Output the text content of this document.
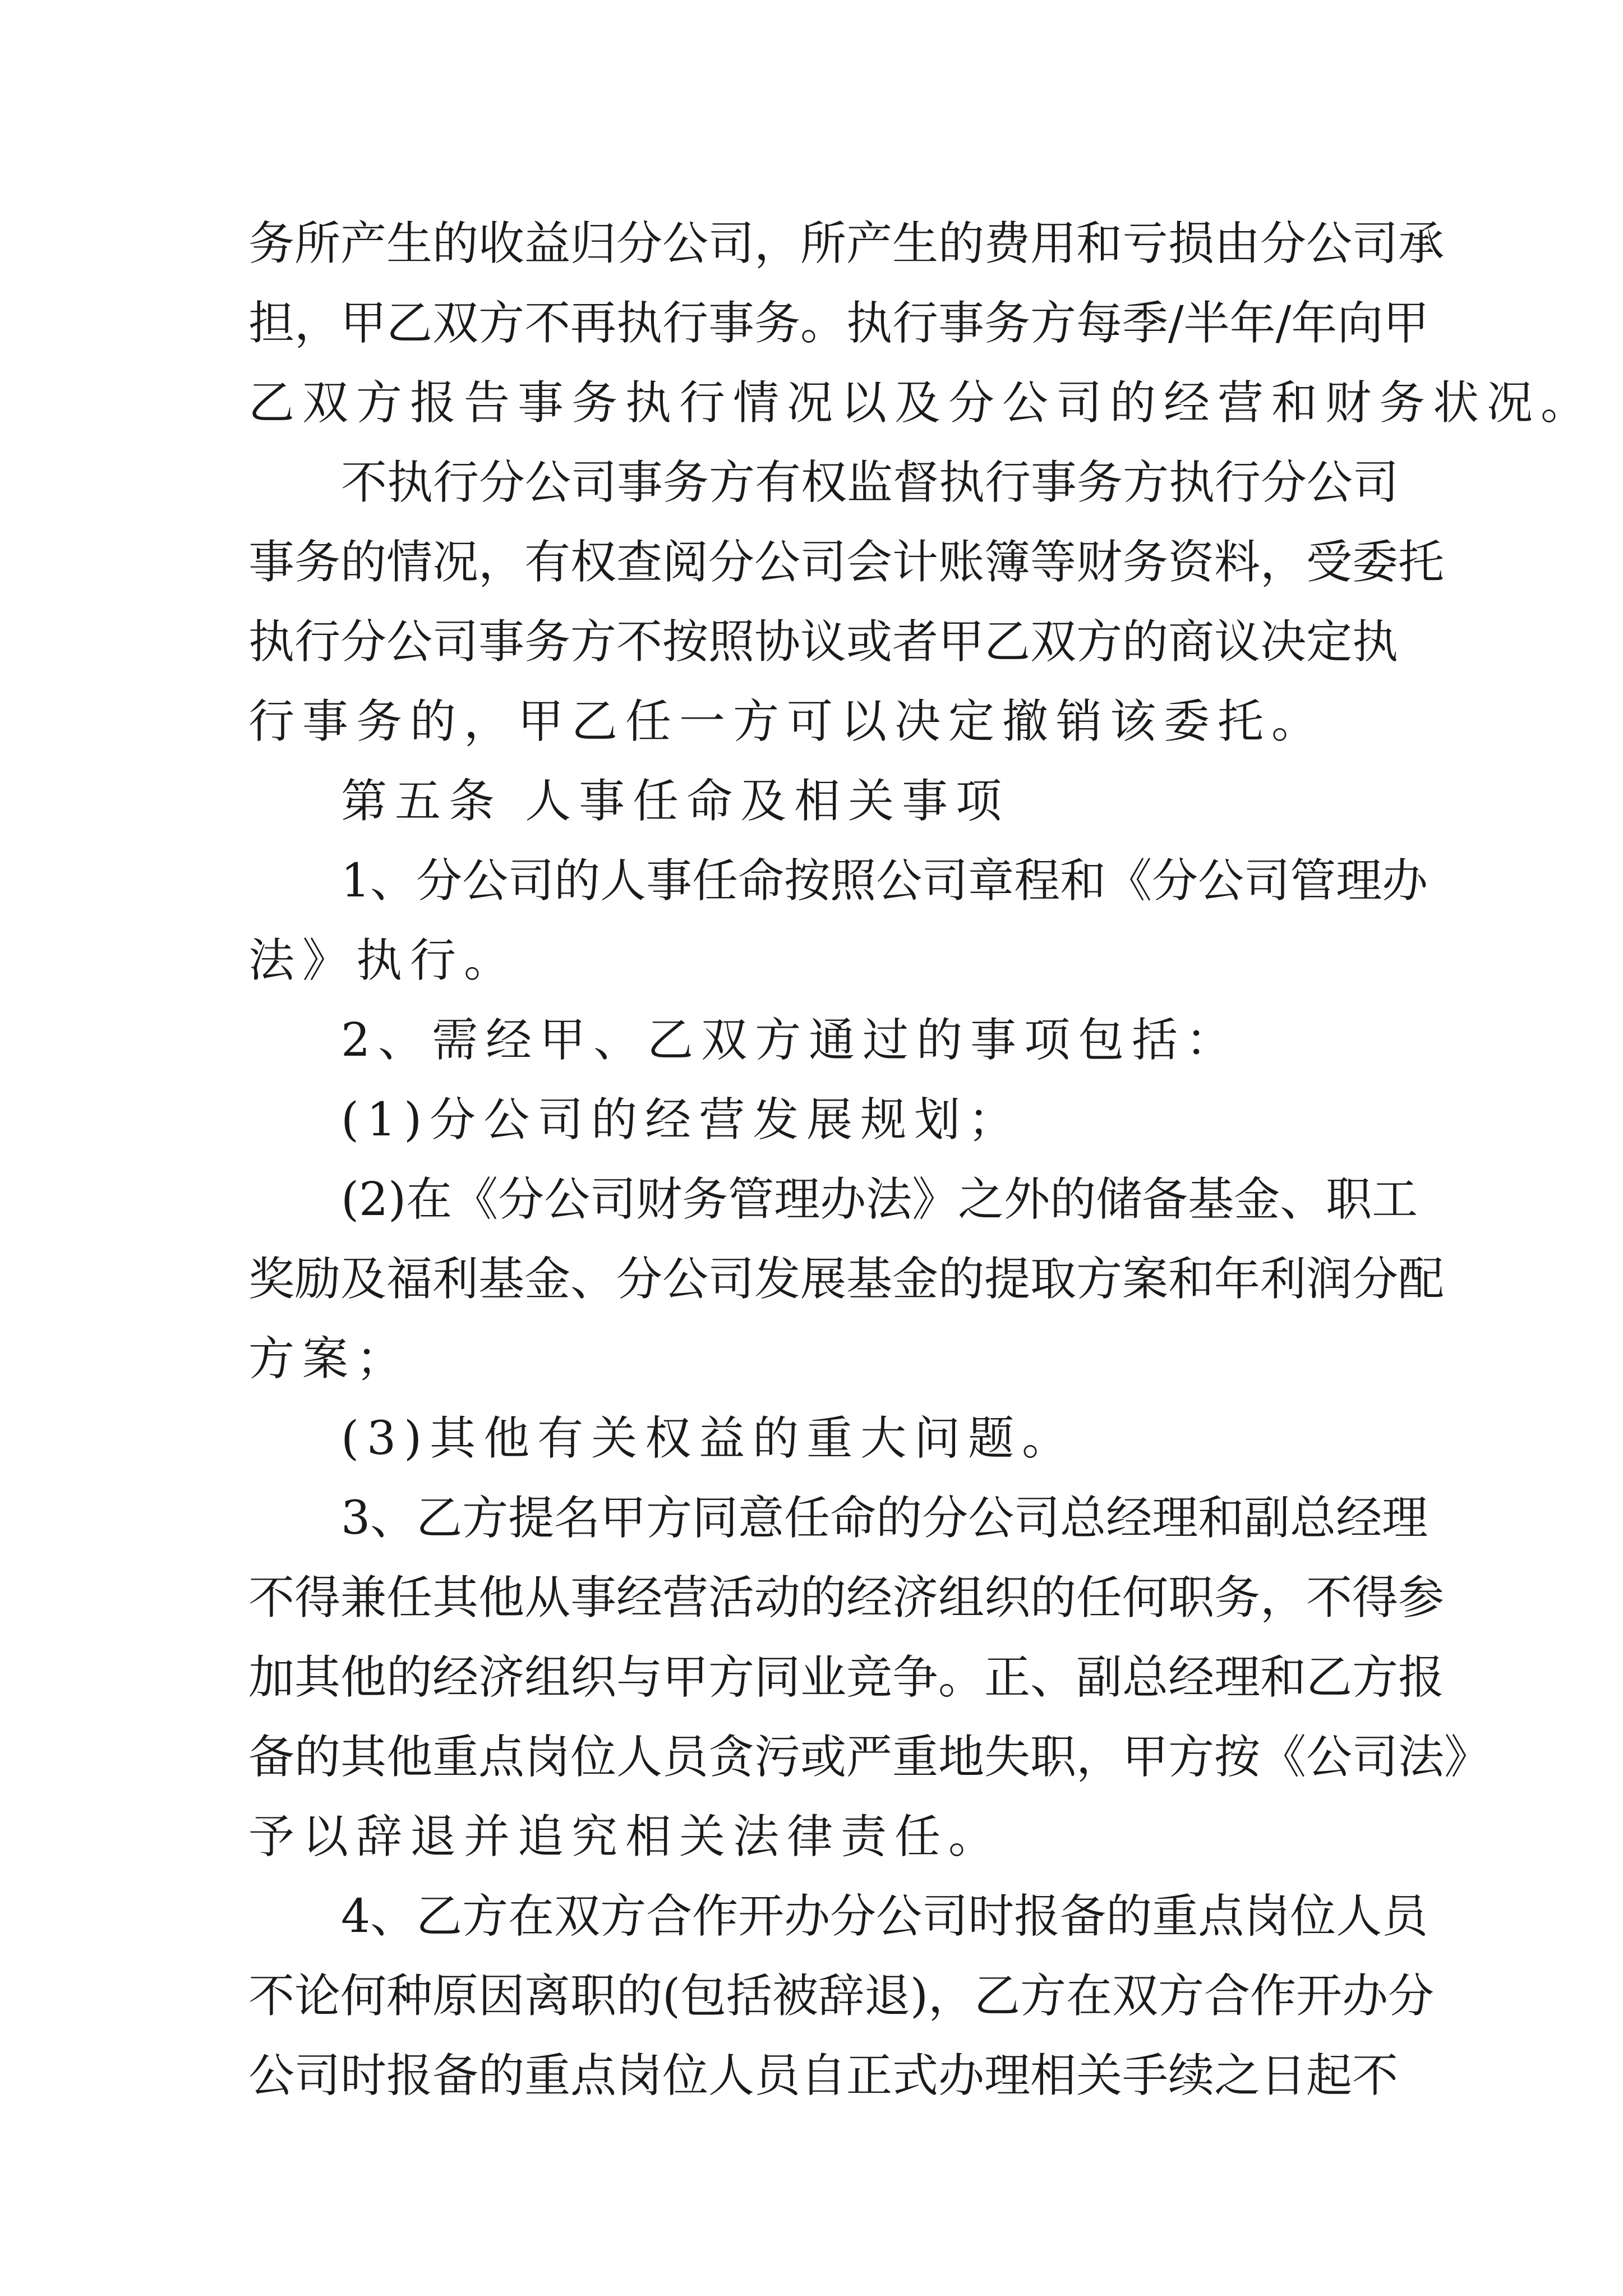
务所产生的收益归分公司，所产生的费用和亏损由分公司承
担，甲乙双方不再执行事务。执行事务方每季/半年/年向甲
乙双方报告事务执行情况以及分公司的经营和财务状况。
不执行分公司事务方有权监督执行事务方执行分公司
事务的情况，有权查阅分公司会计账簿等财务资料，受委托
执行分公司事务方不按照协议或者甲乙双方的商议决定执
行事务的，甲乙任一方可以决定撤销该委托。
第五条 人事任命及相关事项
1、分公司的人事任命按照公司章程和《分公司管理办
法》执行。
2、需经甲、乙双方通过的事项包括：
(1)分公司的经营发展规划；
(2)在《分公司财务管理办法》之外的储备基金、职工
奖励及福利基金、分公司发展基金的提取方案和年利润分配
方案；
(3)其他有关权益的重大问题。
3、乙方提名甲方同意任命的分公司总经理和副总经理
不得兼任其他从事经营活动的经济组织的任何职务，不得参
加其他的经济组织与甲方同业竞争。正、副总经理和乙方报
备的其他重点岗位人员贪污或严重地失职，甲方按《公司法》
予以辞退并追究相关法律责任。
4、乙方在双方合作开办分公司时报备的重点岗位人员
不论何种原因离职的(包括被辞退)，乙方在双方合作开办分
公司时报备的重点岗位人员自正式办理相关手续之日起不
